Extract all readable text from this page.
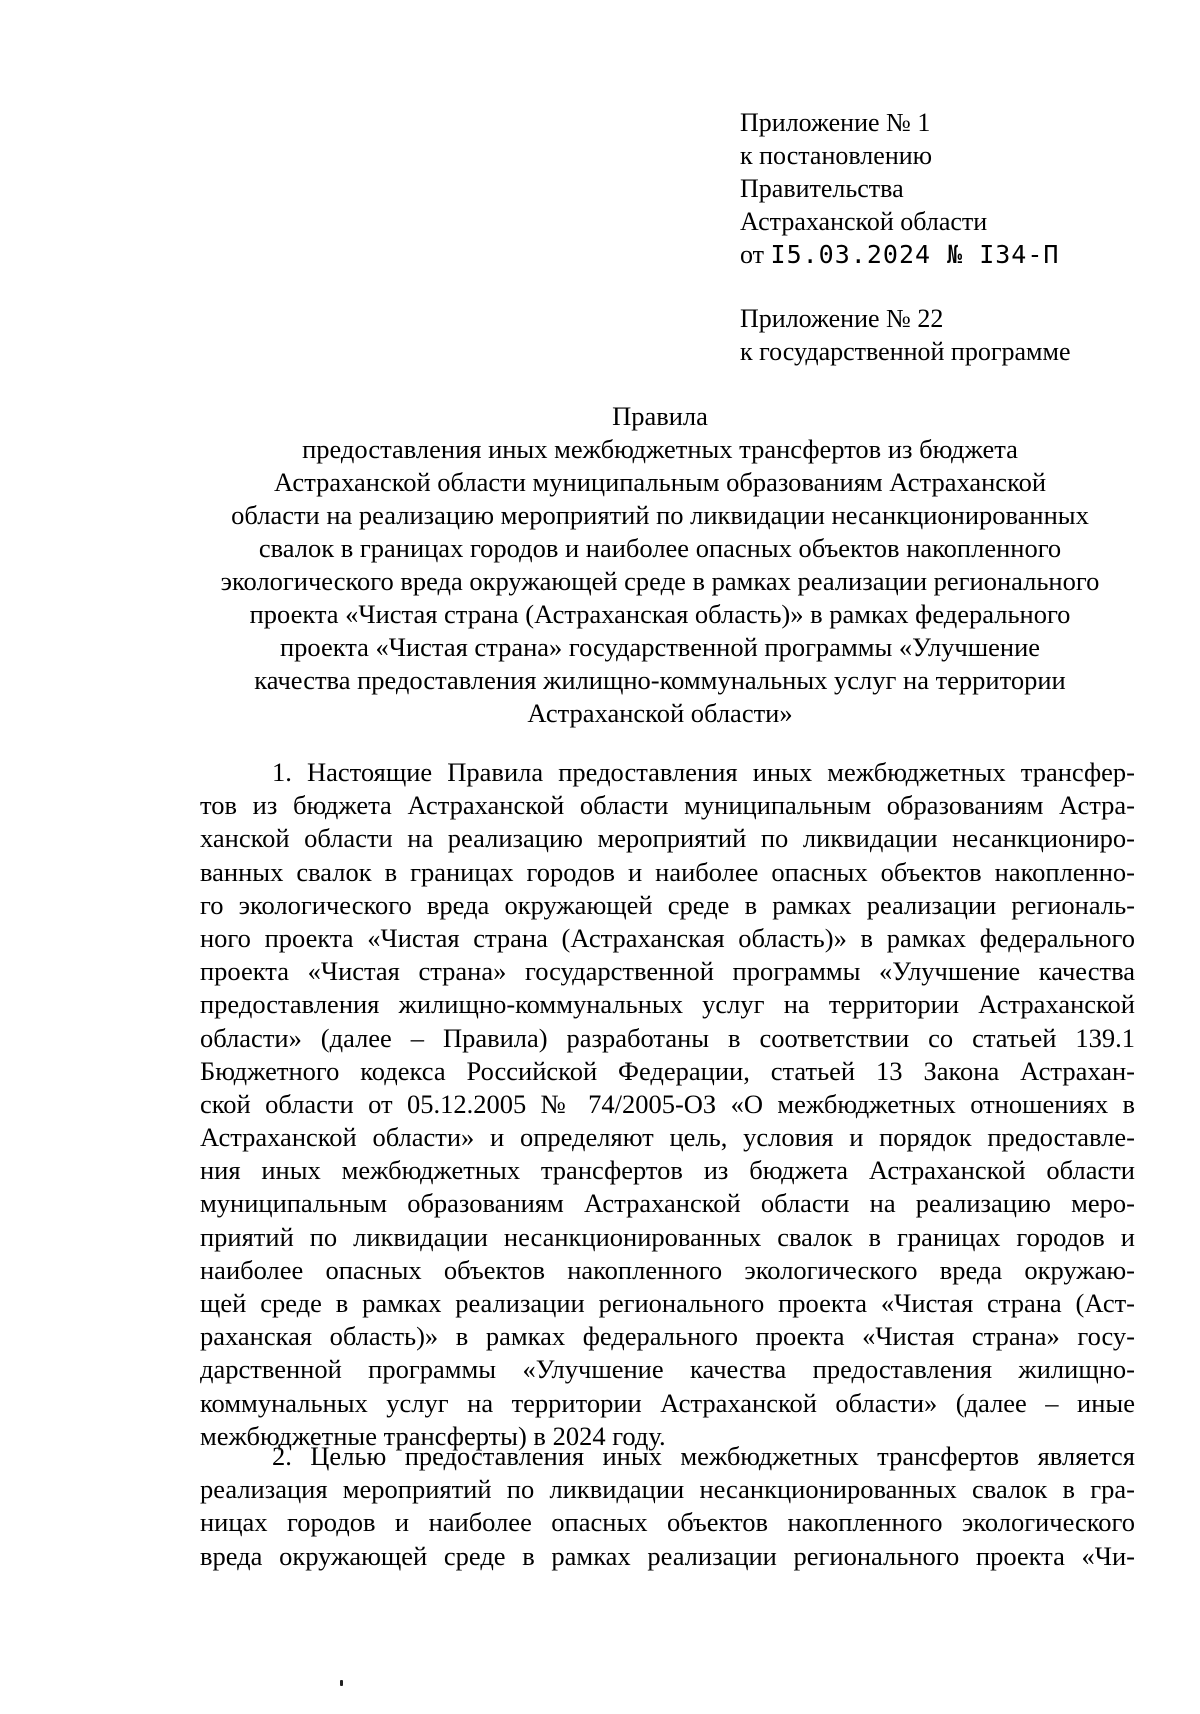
Приложение № 1
к постановлению
Правительства
Астраханской области
от I5.03.2024 № I34-П
Приложение № 22
к государственной программе
Правила
предоставления иных межбюджетных трансфертов из бюджета
Астраханской области муниципальным образованиям Астраханской
области на реализацию мероприятий по ликвидации несанкционированных
свалок в границах городов и наиболее опасных объектов накопленного
экологического вреда окружающей среде в рамках реализации регионального
проекта «Чистая страна (Астраханская область)» в рамках федерального
проекта «Чистая страна» государственной программы «Улучшение
качества предоставления жилищно-коммунальных услуг на территории
Астраханской области»
1. Настоящие Правила предоставления иных межбюджетных трансфер-
тов из бюджета Астраханской области муниципальным образованиям Астра-
ханской области на реализацию мероприятий по ликвидации несанкциониро-
ванных свалок в границах городов и наиболее опасных объектов накопленно-
го экологического вреда окружающей среде в рамках реализации региональ-
ного проекта «Чистая страна (Астраханская область)» в рамках федерального
проекта «Чистая страна» государственной программы «Улучшение качества
предоставления жилищно-коммунальных услуг на территории Астраханской
области» (далее – Правила) разработаны в соответствии со статьей 139.1
Бюджетного кодекса Российской Федерации, статьей 13 Закона Астрахан-
ской области от 05.12.2005 № 74/2005-ОЗ «О межбюджетных отношениях в
Астраханской области» и определяют цель, условия и порядок предоставле-
ния иных межбюджетных трансфертов из бюджета Астраханской области
муниципальным образованиям Астраханской области на реализацию меро-
приятий по ликвидации несанкционированных свалок в границах городов и
наиболее опасных объектов накопленного экологического вреда окружаю-
щей среде в рамках реализации регионального проекта «Чистая страна (Аст-
раханская область)» в рамках федерального проекта «Чистая страна» госу-
дарственной программы «Улучшение качества предоставления жилищно-
коммунальных услуг на территории Астраханской области» (далее – иные
межбюджетные трансферты) в 2024 году.
2. Целью предоставления иных межбюджетных трансфертов является
реализация мероприятий по ликвидации несанкционированных свалок в гра-
ницах городов и наиболее опасных объектов накопленного экологического
вреда окружающей среде в рамках реализации регионального проекта «Чи-
